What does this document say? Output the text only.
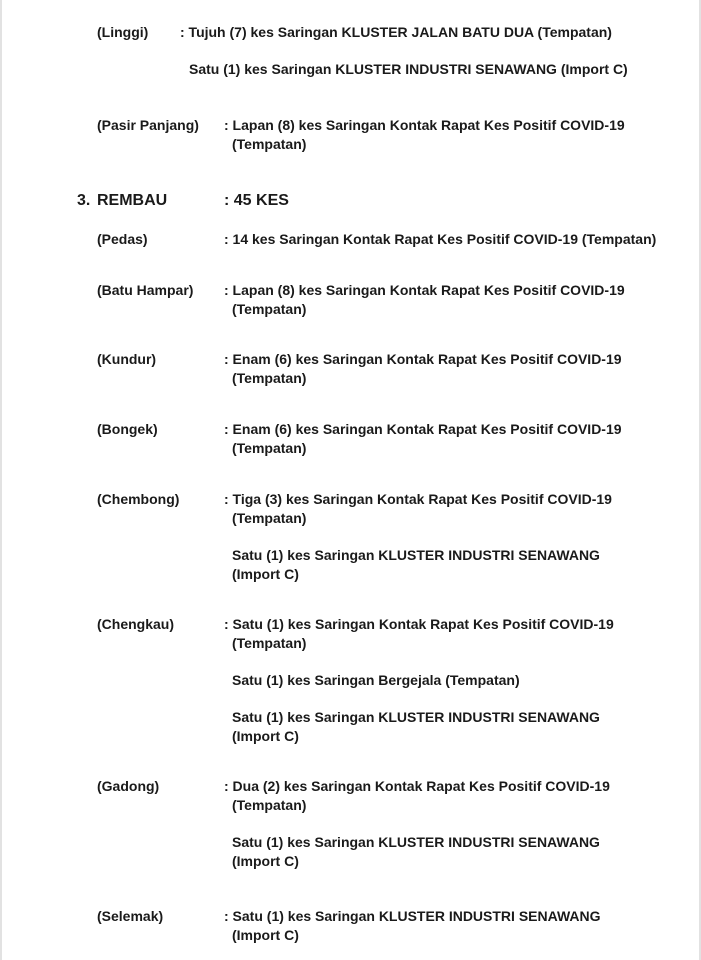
(Linggi) : Tujuh (7) kes Saringan KLUSTER JALAN BATU DUA (Tempatan)
Satu (1) kes Saringan KLUSTER INDUSTRI SENAWANG (Import C)
(Pasir Panjang) : Lapan (8) kes Saringan Kontak Rapat Kes Positif COVID-19
(Tempatan)
3. REMBAU	: 45 KES
(Pedas)	: 14 kes Saringan Kontak Rapat Kes Positif COVID-19 (Tempatan)
(Batu Hampar) : Lapan (8) kes Saringan Kontak Rapat Kes Positif COVID-19
(Tempatan)
(Kundur)	: Enam (6) kes Saringan Kontak Rapat Kes Positif COVID-19
(Tempatan)
(Bongek)	: Enam (6) kes Saringan Kontak Rapat Kes Positif COVID-19
(Tempatan)
(Chembong)	: Tiga (3) kes Saringan Kontak Rapat Kes Positif COVID-19
(Tempatan)
Satu (1) kes Saringan KLUSTER INDUSTRI SENAWANG
(Import C)
(Chengkau)	: Satu (1) kes Saringan Kontak Rapat Kes Positif COVID-19
(Tempatan)
Satu (1) kes Saringan Bergejala (Tempatan)
Satu (1) kes Saringan KLUSTER INDUSTRI SENAWANG
(Import C)
(Gadong)	: Dua (2) kes Saringan Kontak Rapat Kes Positif COVID-19
(Tempatan)
Satu (1) kes Saringan KLUSTER INDUSTRI SENAWANG
(Import C)
(Selemak)	: Satu (1) kes Saringan KLUSTER INDUSTRI SENAWANG
(Import C)
